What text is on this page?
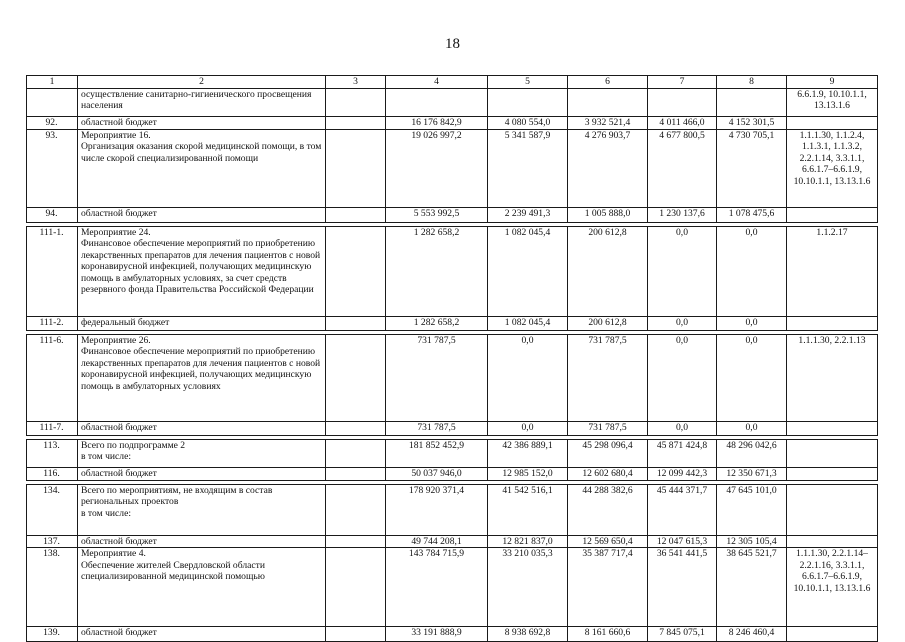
18
1	2	3	4	5	6	7	8	9
	осуществление санитарно-гигиенического просвещения населения							6.6.1.9, 10.10.1.1, 13.13.1.6
92.	областной бюджет		16 176 842,9	4 080 554,0	3 932 521,4	4 011 466,0	4 152 301,5	
93.	Мероприятие 16.
Организация оказания скорой медицинской помощи, в том числе скорой специализированной помощи		19 026 997,2	5 341 587,9	4 276 903,7	4 677 800,5	4 730 705,1	1.1.1.30, 1.1.2.4, 1.1.3.1, 1.1.3.2, 2.2.1.14, 3.3.1.1, 6.6.1.7–6.6.1.9, 10.10.1.1, 13.13.1.6
94.	областной бюджет		5 553 992,5	2 239 491,3	1 005 888,0	1 230 137,6	1 078 475,6	

111-1.	Мероприятие 24.
Финансовое обеспечение мероприятий по приобретению лекарственных препаратов для лечения пациентов с новой коронавирусной инфекцией, получающих медицинскую помощь в амбулаторных условиях, за счет средств резервного фонда Правительства Российской Федерации		1 282 658,2	1 082 045,4	200 612,8	0,0	0,0	1.1.2.17
111-2.	федеральный бюджет		1 282 658,2	1 082 045,4	200 612,8	0,0	0,0	

111-6.	Мероприятие 26.
Финансовое обеспечение мероприятий по приобретению лекарственных препаратов для лечения пациентов с новой коронавирусной инфекцией, получающих медицинскую помощь в амбулаторных условиях		731 787,5	0,0	731 787,5	0,0	0,0	1.1.1.30, 2.2.1.13
111-7.	областной бюджет		731 787,5	0,0	731 787,5	0,0	0,0	

113.	Всего по подпрограмме 2
в том числе:		181 852 452,9	42 386 889,1	45 298 096,4	45 871 424,8	48 296 042,6	
116.	областной бюджет		50 037 946,0	12 985 152,0	12 602 680,4	12 099 442,3	12 350 671,3	

134.	Всего по мероприятиям, не входящим в состав региональных проектов
в том числе:		178 920 371,4	41 542 516,1	44 288 382,6	45 444 371,7	47 645 101,0	
137.	областной бюджет		49 744 208,1	12 821 837,0	12 569 650,4	12 047 615,3	12 305 105,4	
138.	Мероприятие 4.
Обеспечение жителей Свердловской области специализированной медицинской помощью		143 784 715,9	33 210 035,3	35 387 717,4	36 541 441,5	38 645 521,7	1.1.1.30, 2.2.1.14–2.2.1.16, 3.3.1.1, 6.6.1.7–6.6.1.9, 10.10.1.1, 13.13.1.6
139.	областной бюджет		33 191 888,9	8 938 692,8	8 161 660,6	7 845 075,1	8 246 460,4	
